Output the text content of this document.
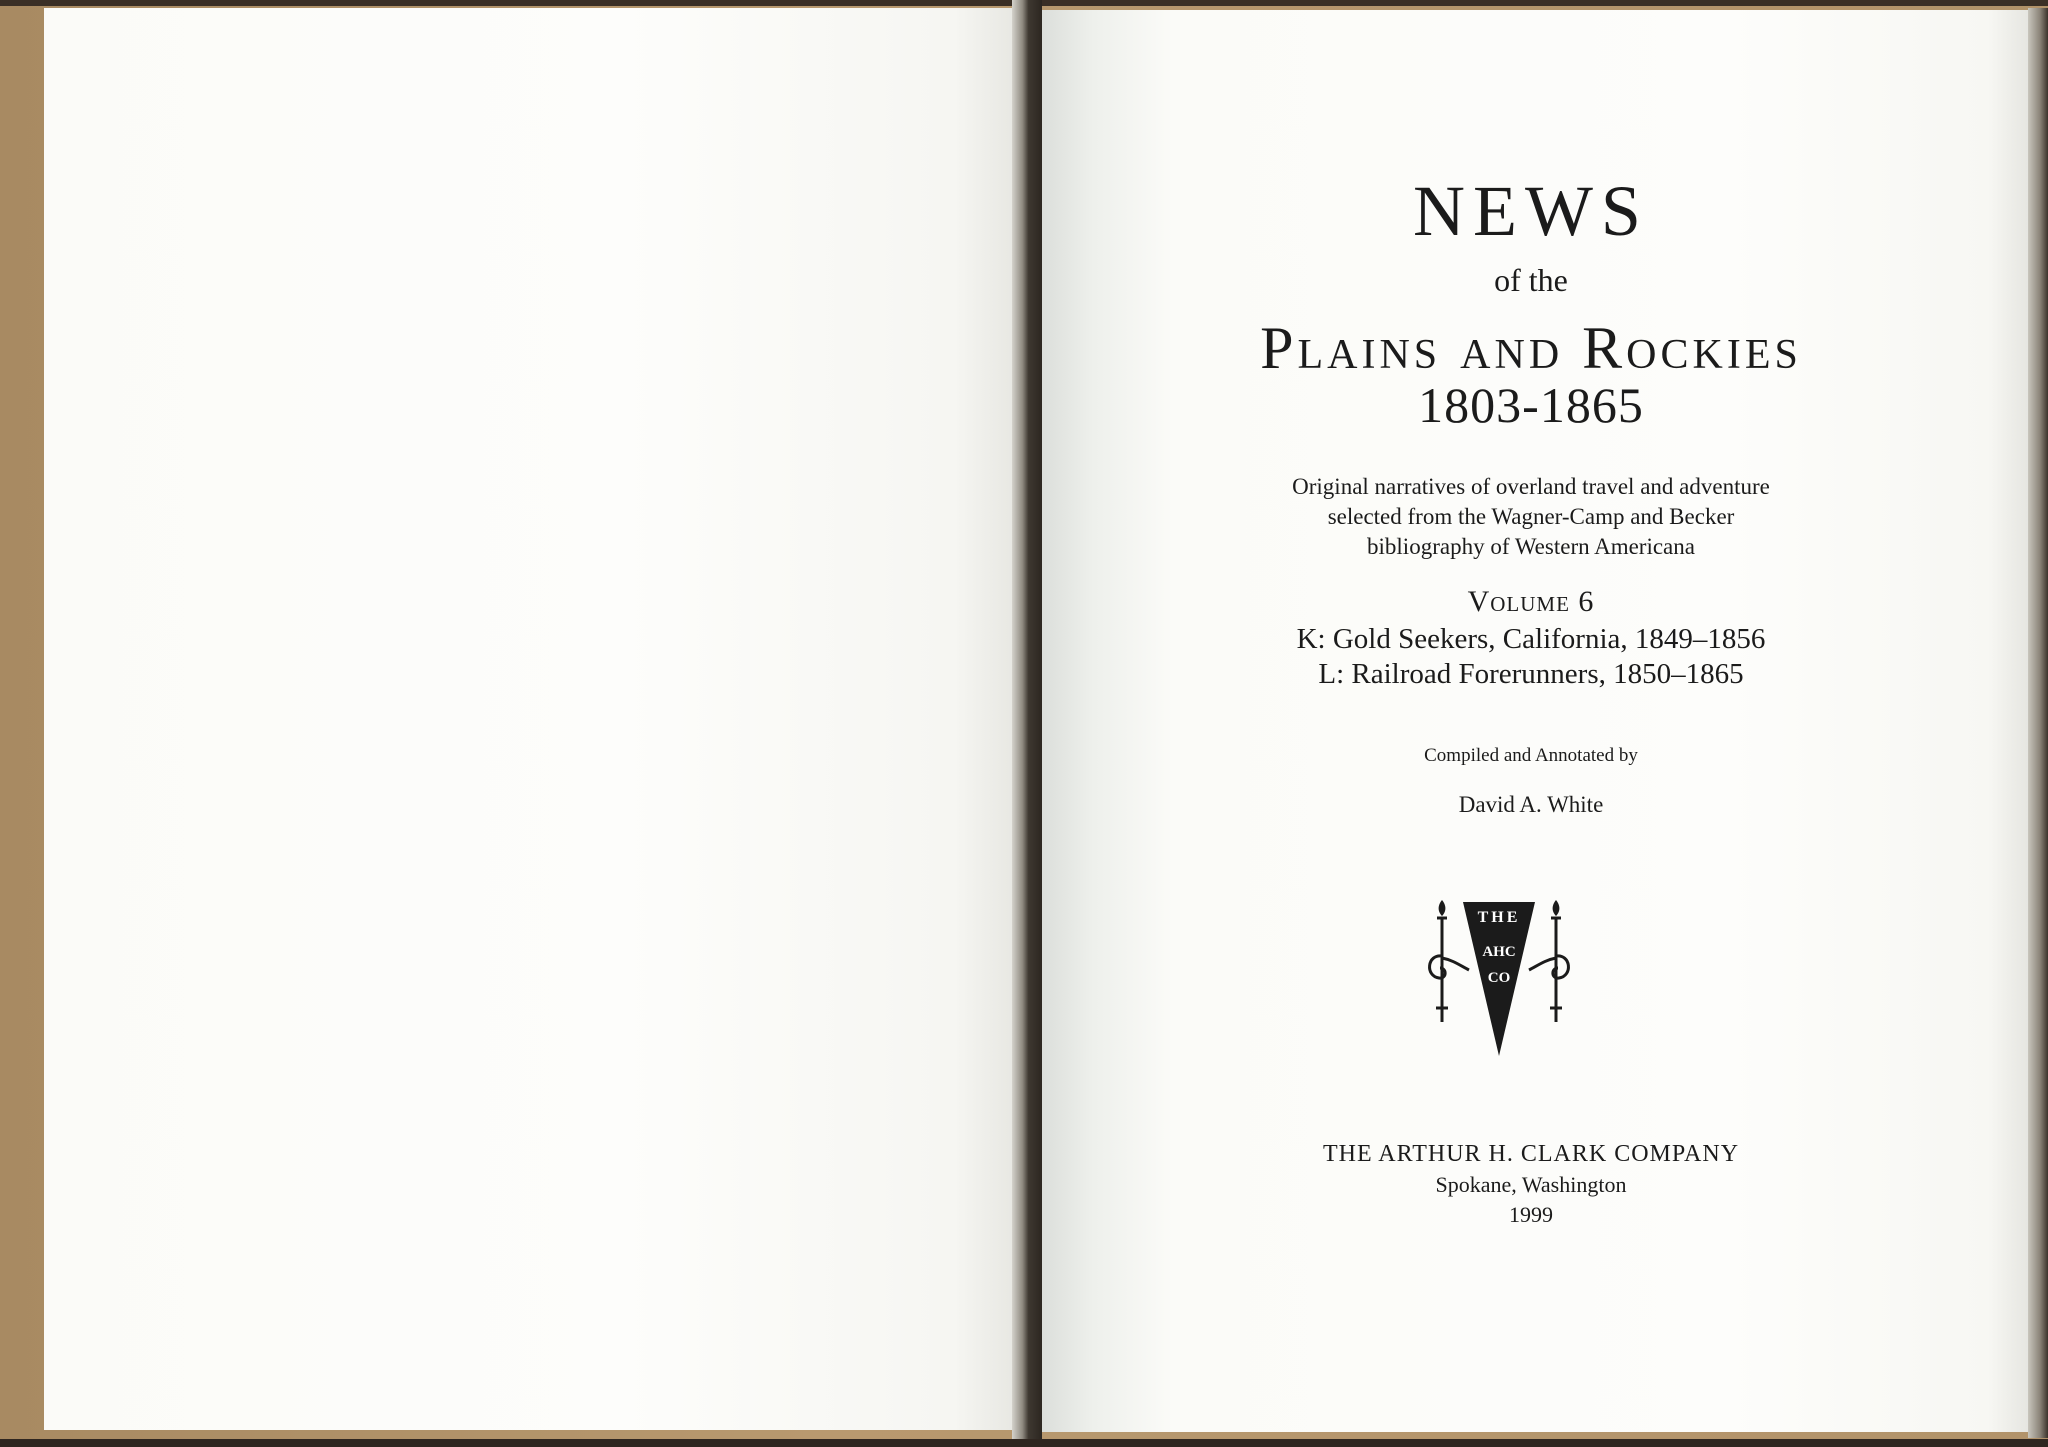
NEWS
of the
Plains and Rockies
1803-1865
Original narratives of overland travel and adventure
selected from the Wagner-Camp and Becker
bibliography of Western Americana
Volume 6
K: Gold Seekers, California, 1849–1856
L: Railroad Forerunners, 1850–1865
Compiled and Annotated by
David A. White
THE ARTHUR H. CLARK COMPANY
Spokane, Washington
1999
THE
AHC
CO
